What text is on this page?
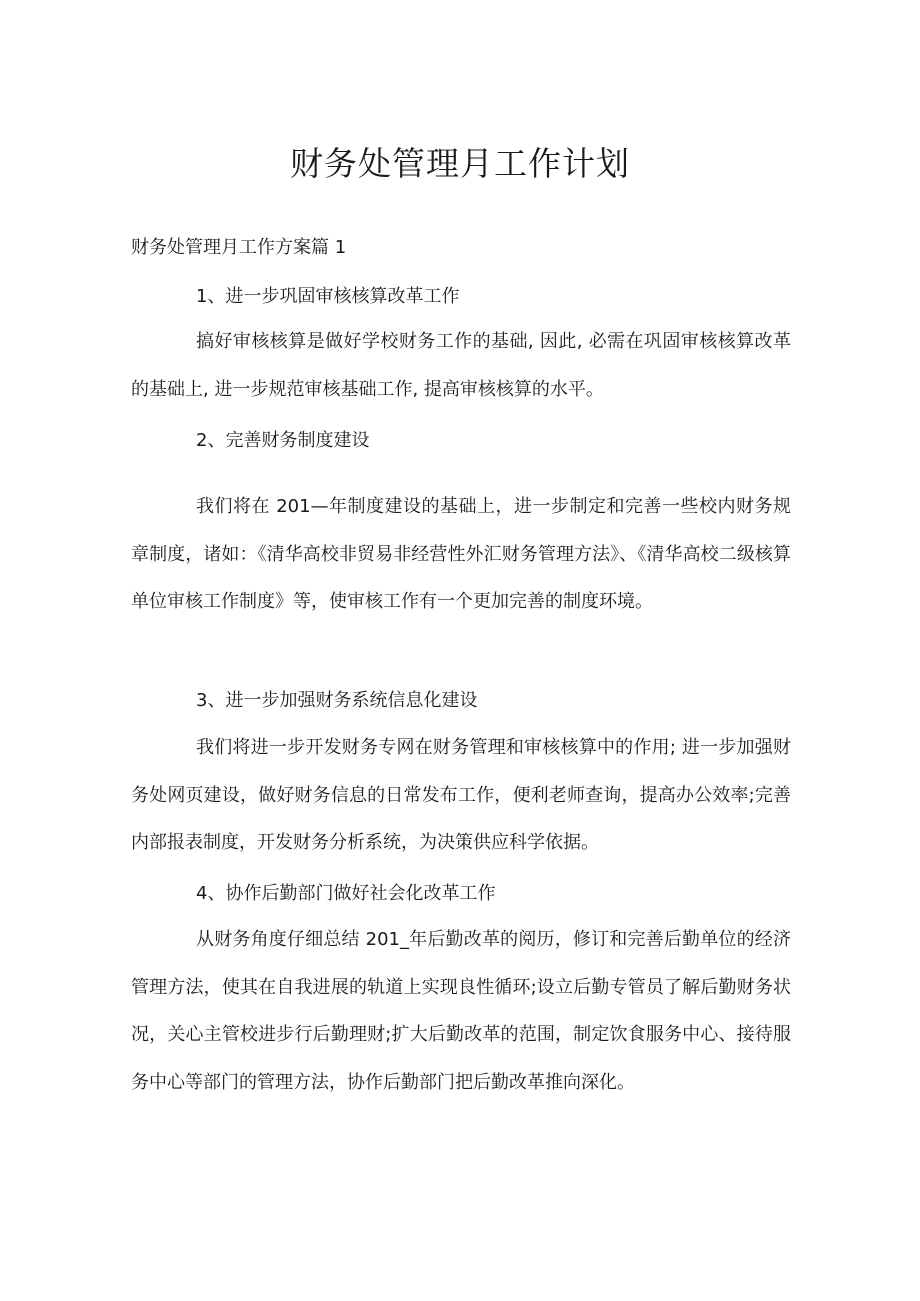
财务处管理月工作计划

财务处管理月工作方案篇 1

1、进一步巩固审核核算改革工作

搞好审核核算是做好学校财务工作的基础, 因此, 必需在巩固审核核算改革的基础上, 进一步规范审核基础工作, 提高审核核算的水平。

2、完善财务制度建设

我们将在 201—年制度建设的基础上，进一步制定和完善一些校内财务规章制度，诸如：《清华高校非贸易非经营性外汇财务管理方法》、《清华高校二级核算单位审核工作制度》等，使审核工作有一个更加完善的制度环境。

3、进一步加强财务系统信息化建设

我们将进一步开发财务专网在财务管理和审核核算中的作用; 进一步加强财务处网页建设，做好财务信息的日常发布工作，便利老师查询，提高办公效率;完善内部报表制度，开发财务分析系统，为决策供应科学依据。

4、协作后勤部门做好社会化改革工作

从财务角度仔细总结 201_年后勤改革的阅历，修订和完善后勤单位的经济管理方法，使其在自我进展的轨道上实现良性循环;设立后勤专管员了解后勤财务状况，关心主管校进步行后勤理财;扩大后勤改革的范围，制定饮食服务中心、接待服务中心等部门的管理方法，协作后勤部门把后勤改革推向深化。
